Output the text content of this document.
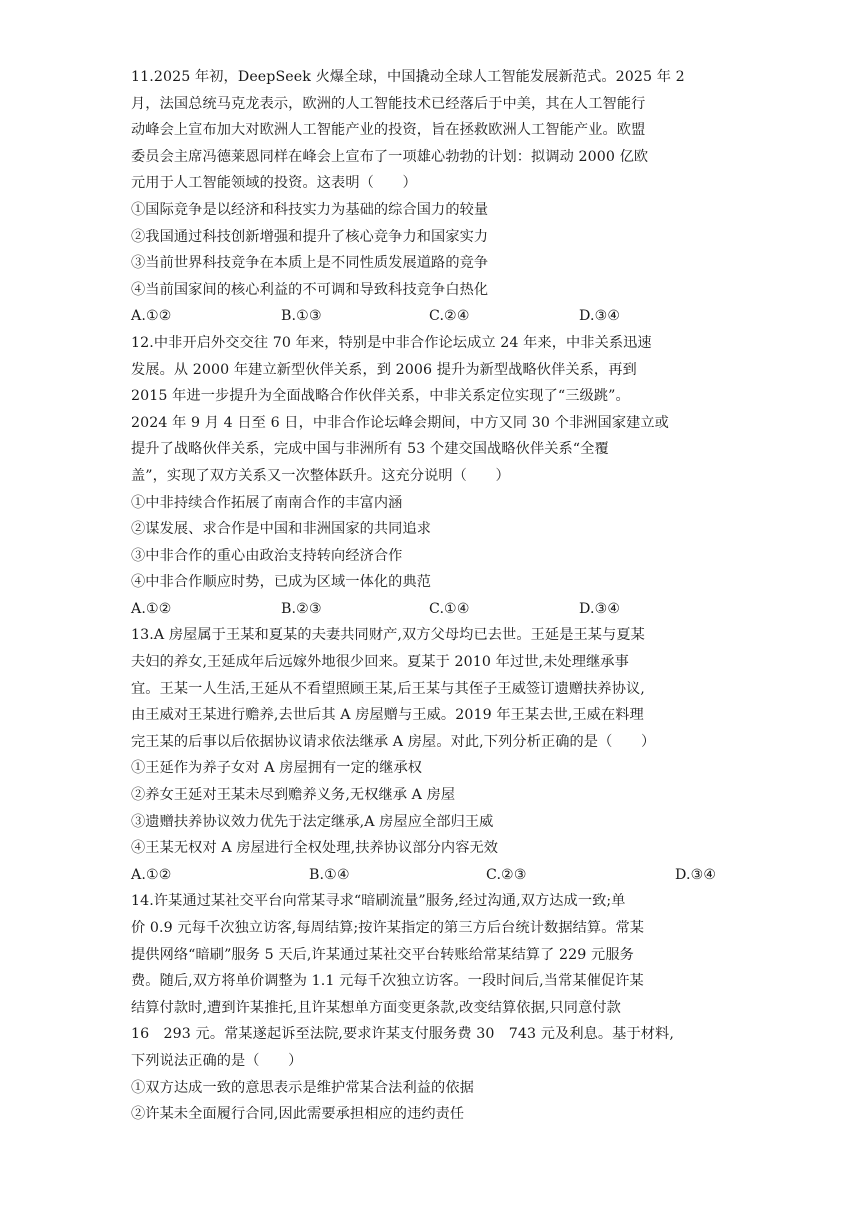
11.2025 年初，DeepSeek 火爆全球，中国撬动全球人工智能发展新范式。2025 年 2
月，法国总统马克龙表示，欧洲的人工智能技术已经落后于中美，其在人工智能行
动峰会上宣布加大对欧洲人工智能产业的投资，旨在拯救欧洲人工智能产业。欧盟
委员会主席冯德莱恩同样在峰会上宣布了一项雄心勃勃的计划：拟调动 2000 亿欧
元用于人工智能领域的投资。这表明（　　）
①国际竞争是以经济和科技实力为基础的综合国力的较量
②我国通过科技创新增强和提升了核心竞争力和国家实力
③当前世界科技竞争在本质上是不同性质发展道路的竞争
④当前国家间的核心利益的不可调和导致科技竞争白热化
A.①②	B.①③	C.②④	D.③④
12.中非开启外交交往 70 年来，特别是中非合作论坛成立 24 年来，中非关系迅速
发展。从 2000 年建立新型伙伴关系，到 2006 提升为新型战略伙伴关系，再到
2015 年进一步提升为全面战略合作伙伴关系，中非关系定位实现了“三级跳”。
2024 年 9 月 4 日至 6 日，中非合作论坛峰会期间，中方又同 30 个非洲国家建立或
提升了战略伙伴关系，完成中国与非洲所有 53 个建交国战略伙伴关系“全覆
盖”，实现了双方关系又一次整体跃升。这充分说明（　　）
①中非持续合作拓展了南南合作的丰富内涵
②谋发展、求合作是中国和非洲国家的共同追求
③中非合作的重心由政治支持转向经济合作
④中非合作顺应时势，已成为区域一体化的典范
A.①②	B.②③	C.①④	D.③④
13.A 房屋属于王某和夏某的夫妻共同财产,双方父母均已去世。王延是王某与夏某
夫妇的养女,王延成年后远嫁外地很少回来。夏某于 2010 年过世,未处理继承事
宜。王某一人生活,王延从不看望照顾王某,后王某与其侄子王威签订遗赠扶养协议,
由王威对王某进行赡养,去世后其 A 房屋赠与王威。2019 年王某去世,王威在料理
完王某的后事以后依据协议请求依法继承 A 房屋。对此,下列分析正确的是（　　）
①王延作为养子女对 A 房屋拥有一定的继承权
②养女王延对王某未尽到赡养义务,无权继承 A 房屋
③遗赠扶养协议效力优先于法定继承,A 房屋应全部归王威
④王某无权对 A 房屋进行全权处理,扶养协议部分内容无效
A.①②	B.①④	C.②③	D.③④
14.许某通过某社交平台向常某寻求“暗刷流量”服务,经过沟通,双方达成一致;单
价 0.9 元每千次独立访客,每周结算;按许某指定的第三方后台统计数据结算。常某
提供网络“暗刷”服务 5 天后,许某通过某社交平台转账给常某结算了 229 元服务
费。随后,双方将单价调整为 1.1 元每千次独立访客。一段时间后,当常某催促许某
结算付款时,遭到许某推托,且许某想单方面变更条款,改变结算依据,只同意付款
16　293 元。常某遂起诉至法院,要求许某支付服务费 30　743 元及利息。基于材料,
下列说法正确的是（　　）
①双方达成一致的意思表示是维护常某合法利益的依据
②许某未全面履行合同,因此需要承担相应的违约责任
